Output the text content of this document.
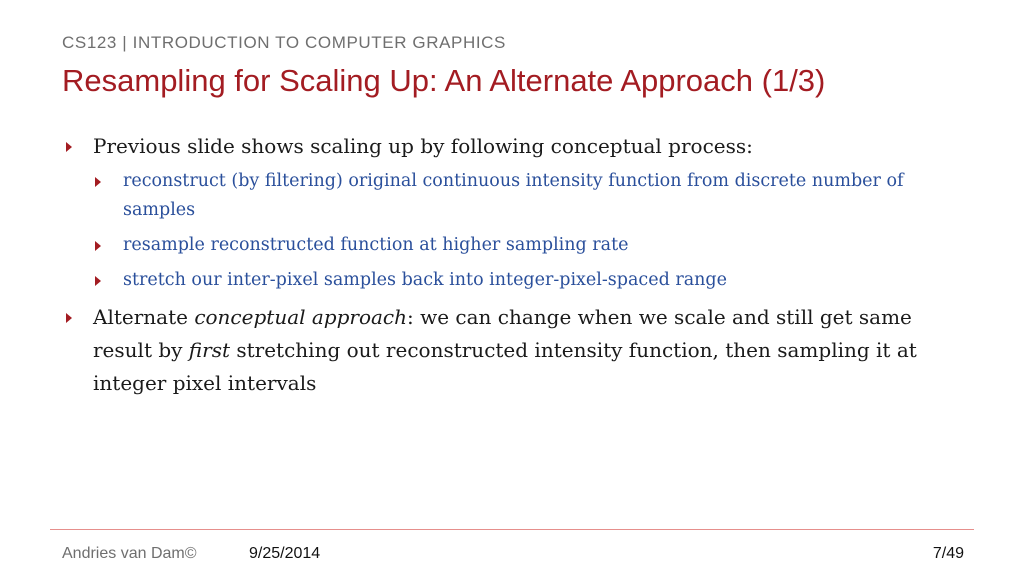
CS123 | INTRODUCTION TO COMPUTER GRAPHICS
Resampling for Scaling Up: An Alternate Approach (1/3)
Previous slide shows scaling up by following conceptual process:
reconstruct (by filtering) original continuous intensity function from discrete number of samples
resample reconstructed function at higher sampling rate
stretch our inter-pixel samples back into integer-pixel-spaced range
Alternate conceptual approach: we can change when we scale and still get same result by first stretching out reconstructed intensity function, then sampling it at integer pixel intervals
Andries van Dam©	9/25/2014	7/49
